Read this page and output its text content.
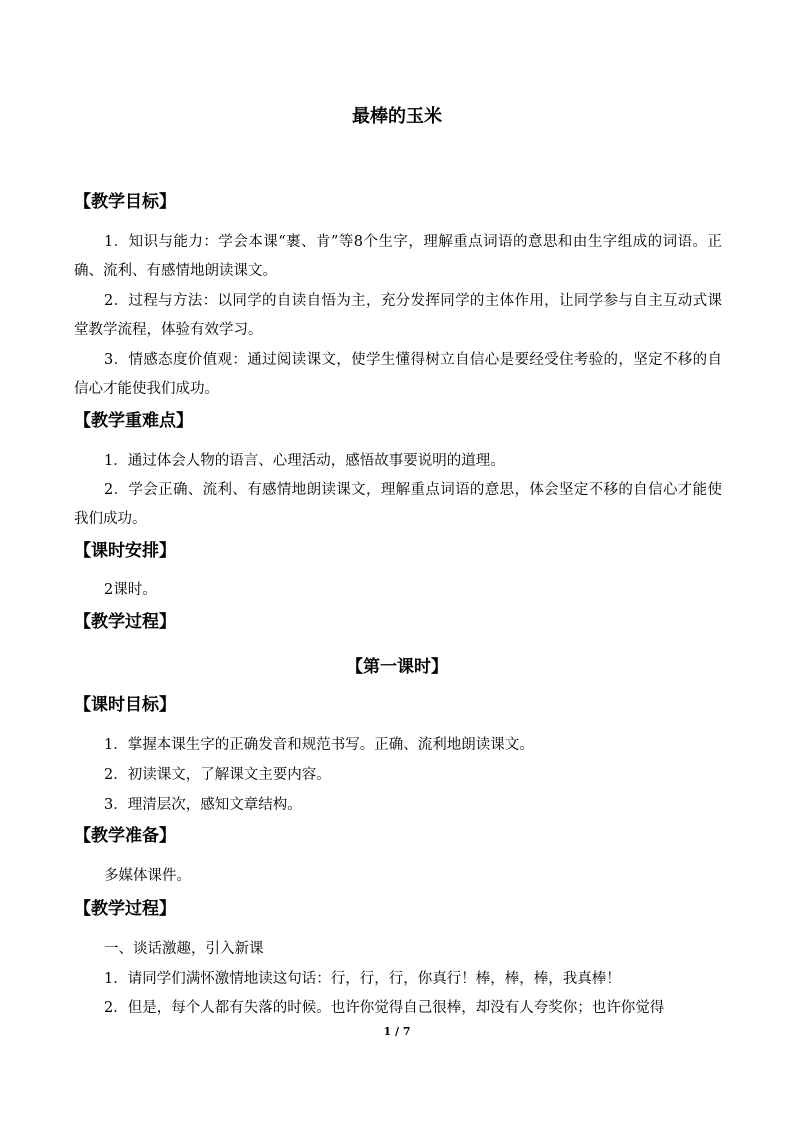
最棒的玉米
【教学目标】
1．知识与能力：学会本课“裹、肯”等8个生字，理解重点词语的意思和由生字组成的词语。正确、流利、有感情地朗读课文。
2．过程与方法：以同学的自读自悟为主，充分发挥同学的主体作用，让同学参与自主互动式课堂教学流程，体验有效学习。
3．情感态度价值观：通过阅读课文，使学生懂得树立自信心是要经受住考验的，坚定不移的自信心才能使我们成功。
【教学重难点】
1．通过体会人物的语言、心理活动，感悟故事要说明的道理。
2．学会正确、流利、有感情地朗读课文，理解重点词语的意思，体会坚定不移的自信心才能使我们成功。
【课时安排】
2课时。
【教学过程】
【第一课时】
【课时目标】
1．掌握本课生字的正确发音和规范书写。正确、流利地朗读课文。
2．初读课文，了解课文主要内容。
3．理清层次，感知文章结构。
【教学准备】
多媒体课件。
【教学过程】
一、谈话激趣，引入新课
1．请同学们满怀激情地读这句话：行，行，行，你真行！棒，棒，棒，我真棒！
2．但是，每个人都有失落的时候。也许你觉得自己很棒，却没有人夸奖你；也许你觉得
1 / 7
